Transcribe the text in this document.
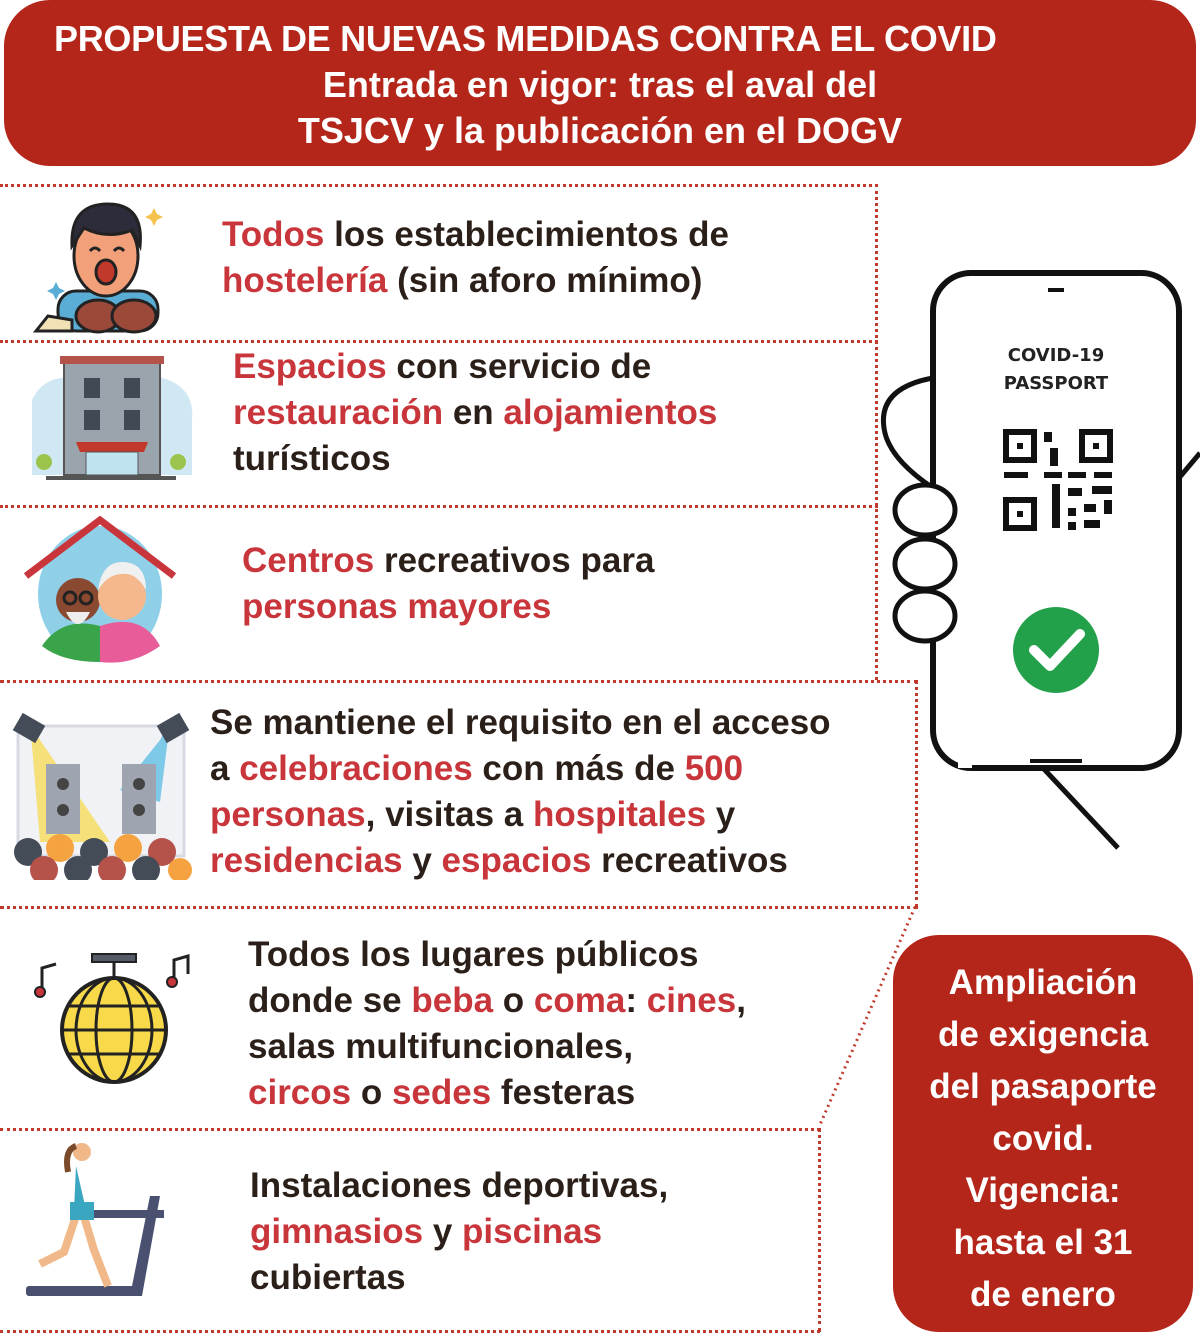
PROPUESTA DE NUEVAS MEDIDAS CONTRA EL COVID
Entrada en vigor: tras el aval del
TSJCV y la publicación en el DOGV
Todos los establecimientos de
hostelería (sin aforo mínimo)
Espacios con servicio de
restauración en alojamientos
turísticos
Centros recreativos para
personas mayores
Se mantiene el requisito en el acceso
a celebraciones con más de 500
personas, visitas a hospitales y
residencias y espacios recreativos
Todos los lugares públicos
donde se beba o coma: cines,
salas multifuncionales,
circos o sedes festeras
Instalaciones deportivas,
gimnasios y piscinas
cubiertas
COVID-19
PASSPORT
Ampliación
de exigencia
del pasaporte
covid.
Vigencia:
hasta el 31
de enero
